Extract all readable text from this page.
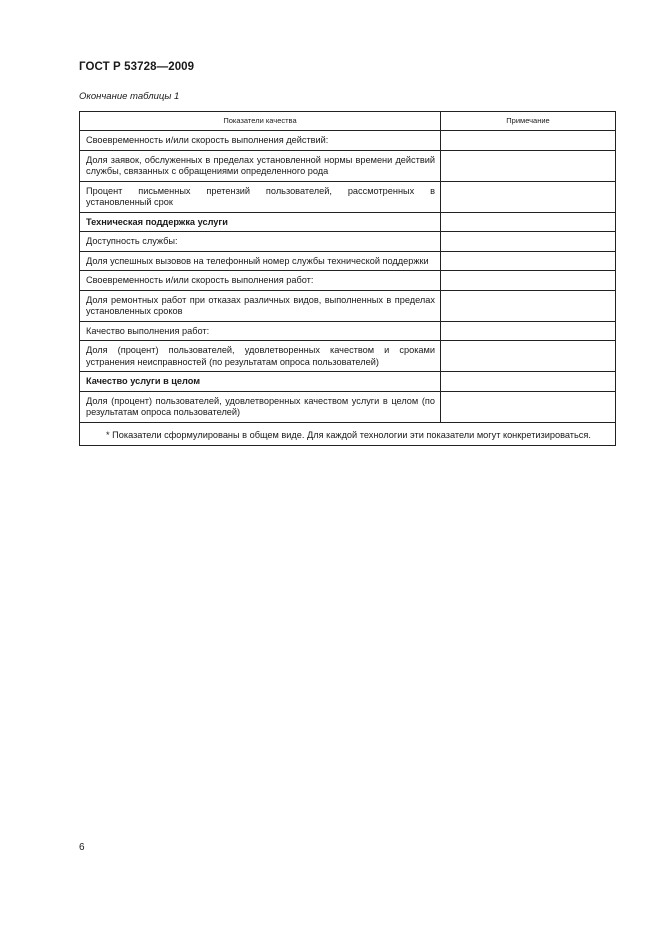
ГОСТ Р 53728—2009
Окончание таблицы 1
Показатели качества	Примечание
Своевременность и/или скорость выполнения действий:	
Доля заявок, обслуженных в пределах установленной нормы времени действий службы, связанных с обращениями определенного рода	
Процент письменных претензий пользователей, рассмотренных в установленный срок	
Техническая поддержка услуги	
Доступность службы:	
Доля успешных вызовов на телефонный номер службы технической поддержки	
Своевременность и/или скорость выполнения работ:	
Доля ремонтных работ при отказах различных видов, выполненных в пределах установленных сроков	
Качество выполнения работ:	
Доля (процент) пользователей, удовлетворенных качеством и сроками устранения неисправностей (по результатам опроса пользователей)	
Качество услуги в целом	
Доля (процент) пользователей, удовлетворенных качеством услуги в целом (по результатам опроса пользователей)	
* Показатели сформулированы в общем виде. Для каждой технологии эти показатели могут конкретизироваться.	
6
